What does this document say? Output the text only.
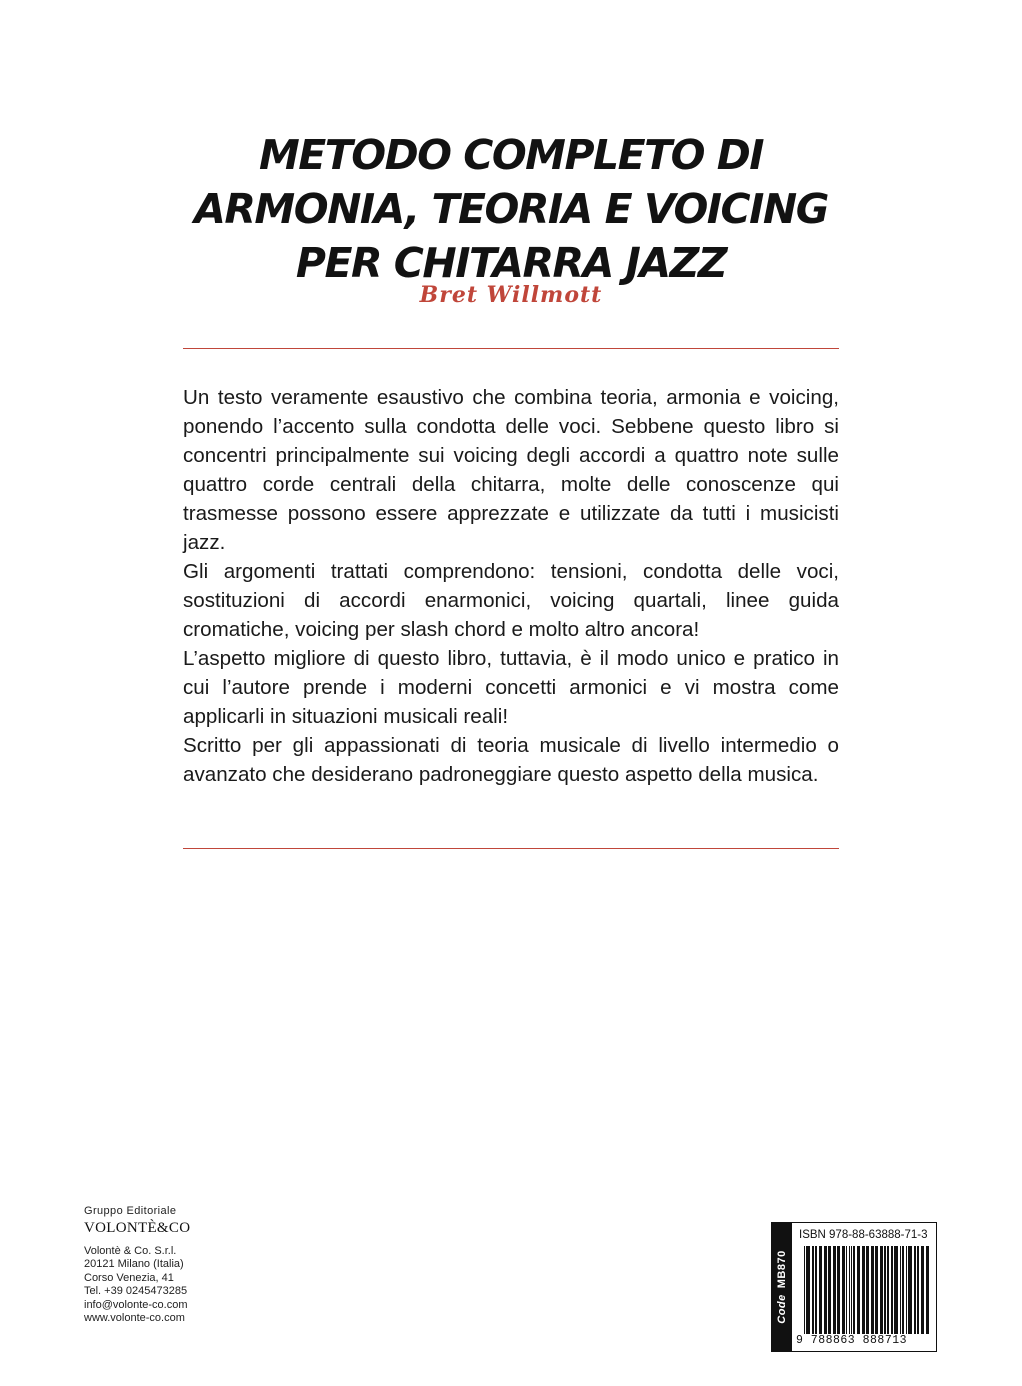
METODO COMPLETO DI
ARMONIA, TEORIA E VOICING
PER CHITARRA JAZZ
Bret Willmott

Un testo veramente esaustivo che combina teoria, armonia e voicing, ponendo l’accento sulla condotta delle voci. Sebbene questo libro si concentri principalmente sui voicing degli accordi a quattro note sulle quattro corde centrali della chitarra, molte delle conoscenze qui trasmesse possono essere apprezzate e utilizzate da tutti i musicisti jazz.

Gli argomenti trattati comprendono: tensioni, condotta delle voci, sostituzioni di accordi enarmonici, voicing quartali, linee guida cromatiche, voicing per slash chord e molto altro ancora!

L’aspetto migliore di questo libro, tuttavia, è il modo unico e pratico in cui l’autore prende i moderni concetti armonici e vi mostra come applicarli in situazioni musicali reali!

Scritto per gli appassionati di teoria musicale di livello intermedio o avanzato che desiderano padroneggiare questo aspetto della musica.

Gruppo Editoriale
VOLONTÈ&CO
Volontè & Co. S.r.l.
20121 Milano (Italia)
Corso Venezia, 41
Tel. +39 0245473285
info@volonte-co.com
www.volonte-co.com	CodeMB870
ISBN 978-88-63888-71-3
9 788863 888713
